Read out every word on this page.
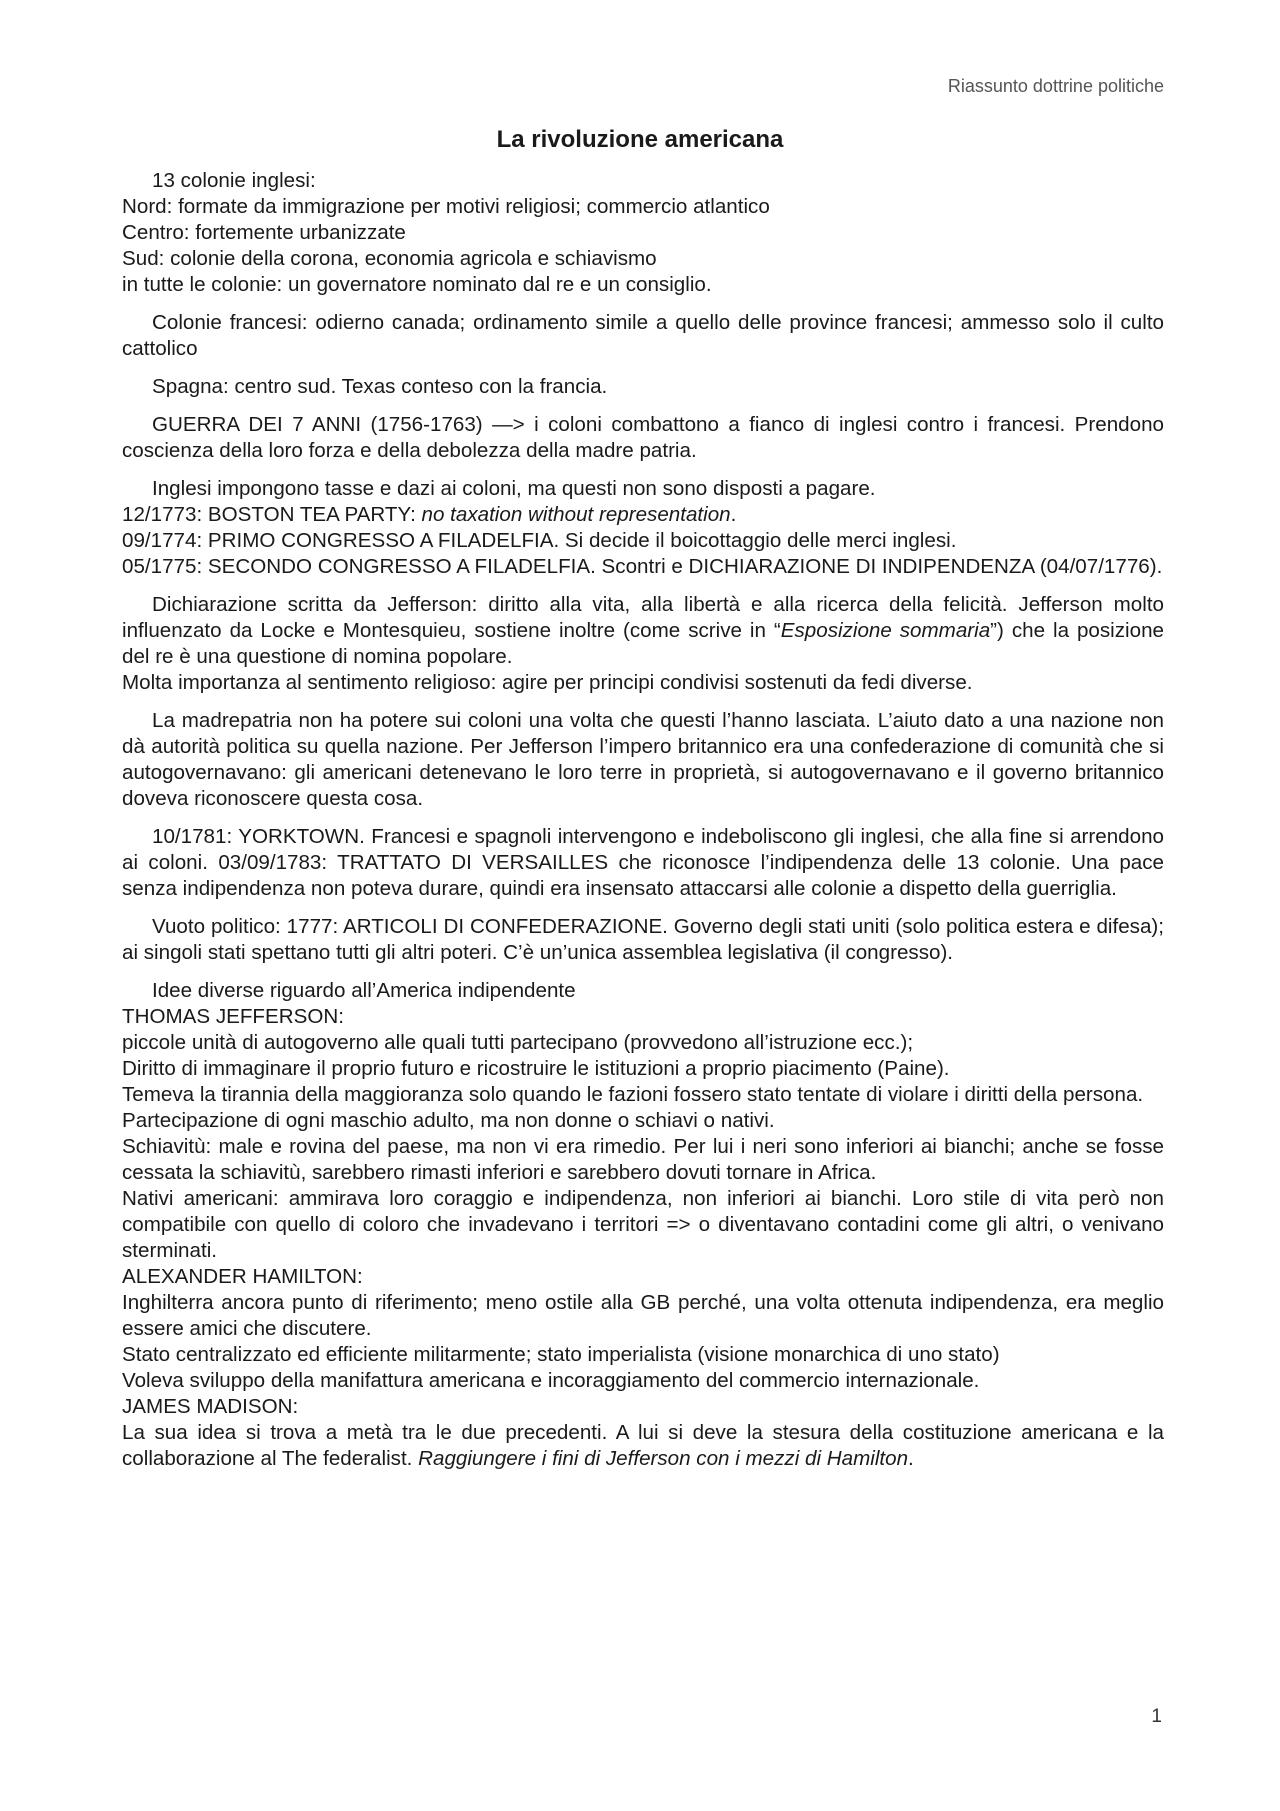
Riassunto dottrine politiche
La rivoluzione americana

13 colonie inglesi:
Nord: formate da immigrazione per motivi religiosi; commercio atlantico
Centro: fortemente urbanizzate
Sud: colonie della corona, economia agricola e schiavismo
in tutte le colonie: un governatore nominato dal re e un consiglio.

Colonie francesi: odierno canada; ordinamento simile a quello delle province francesi; ammesso solo il culto cattolico

Spagna: centro sud. Texas conteso con la francia.

GUERRA DEI 7 ANNI (1756-1763) —> i coloni combattono a fianco di inglesi contro i francesi. Prendono coscienza della loro forza e della debolezza della madre patria.

Inglesi impongono tasse e dazi ai coloni, ma questi non sono disposti a pagare.
12/1773: BOSTON TEA PARTY: no taxation without representation.
09/1774: PRIMO CONGRESSO A FILADELFIA. Si decide il boicottaggio delle merci inglesi.
05/1775: SECONDO CONGRESSO A FILADELFIA. Scontri e DICHIARAZIONE DI INDIPENDENZA (04/07/1776).

Dichiarazione scritta da Jefferson: diritto alla vita, alla libertà e alla ricerca della felicità. Jefferson molto influenzato da Locke e Montesquieu, sostiene inoltre (come scrive in “Esposizione sommaria”) che la posizione del re è una questione di nomina popolare.
Molta importanza al sentimento religioso: agire per principi condivisi sostenuti da fedi diverse.

La madrepatria non ha potere sui coloni una volta che questi l’hanno lasciata. L’aiuto dato a una nazione non dà autorità politica su quella nazione. Per Jefferson l’impero britannico era una confederazione di comunità che si autogovernavano: gli americani detenevano le loro terre in proprietà, si autogovernavano e il governo britannico doveva riconoscere questa cosa.

10/1781: YORKTOWN. Francesi e spagnoli intervengono e indeboliscono gli inglesi, che alla fine si arrendono ai coloni. 03/09/1783: TRATTATO DI VERSAILLES che riconosce l’indipendenza delle 13 colonie. Una pace senza indipendenza non poteva durare, quindi era insensato attaccarsi alle colonie a dispetto della guerriglia.

Vuoto politico: 1777: ARTICOLI DI CONFEDERAZIONE. Governo degli stati uniti (solo politica estera e difesa); ai singoli stati spettano tutti gli altri poteri. C’è un’unica assemblea legislativa (il congresso).

Idee diverse riguardo all’America indipendente

THOMAS JEFFERSON:
piccole unità di autogoverno alle quali tutti partecipano (provvedono all’istruzione ecc.);
Diritto di immaginare il proprio futuro e ricostruire le istituzioni a proprio piacimento (Paine).
Temeva la tirannia della maggioranza solo quando le fazioni fossero stato tentate di violare i diritti della persona.
Partecipazione di ogni maschio adulto, ma non donne o schiavi o nativi.
Schiavitù: male e rovina del paese, ma non vi era rimedio. Per lui i neri sono inferiori ai bianchi; anche se fosse cessata la schiavitù, sarebbero rimasti inferiori e sarebbero dovuti tornare in Africa.
Nativi americani: ammirava loro coraggio e indipendenza, non inferiori ai bianchi. Loro stile di vita però non compatibile con quello di coloro che invadevano i territori => o diventavano contadini come gli altri, o venivano sterminati.
ALEXANDER HAMILTON:
Inghilterra ancora punto di riferimento; meno ostile alla GB perché, una volta ottenuta indipendenza, era meglio essere amici che discutere.
Stato centralizzato ed efficiente militarmente; stato imperialista (visione monarchica di uno stato)
Voleva sviluppo della manifattura americana e incoraggiamento del commercio internazionale.
JAMES MADISON:
La sua idea si trova a metà tra le due precedenti. A lui si deve la stesura della costituzione americana e la collaborazione al The federalist. Raggiungere i fini di Jefferson con i mezzi di Hamilton.
1
